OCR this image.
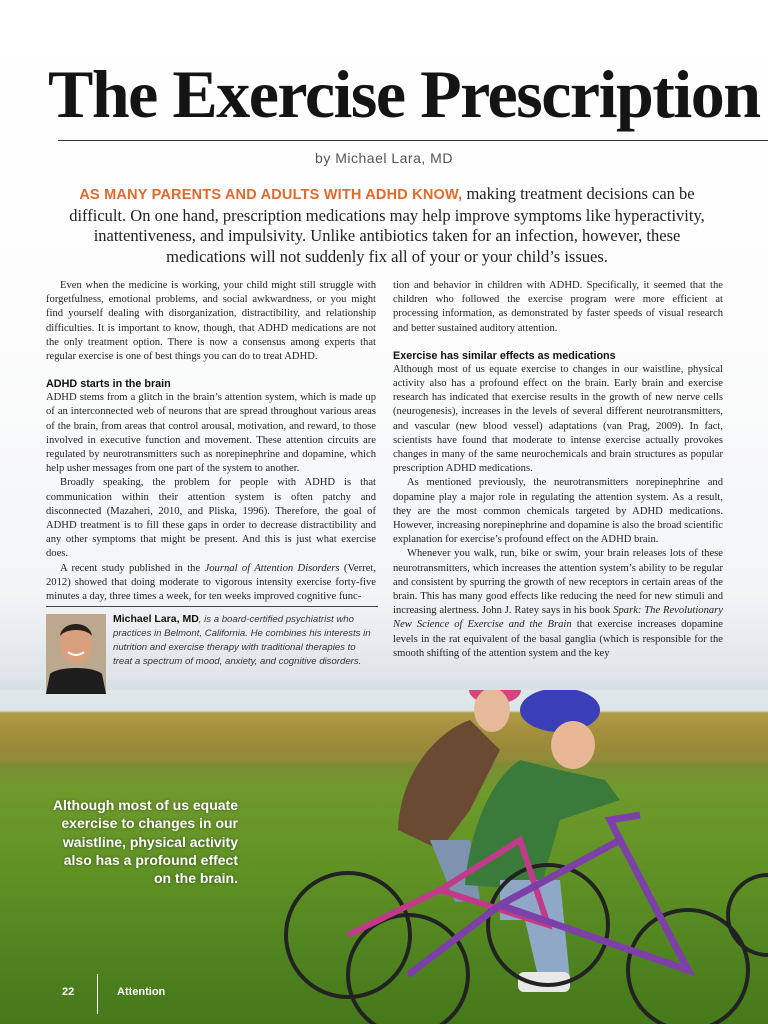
The Exercise Prescription
by Michael Lara, MD
AS MANY PARENTS AND ADULTS WITH ADHD KNOW, making treatment decisions can be difficult. On one hand, prescription medications may help improve symptoms like hyperactivity, inattentiveness, and impulsivity. Unlike antibiotics taken for an infection, however, these medications will not suddenly fix all of your or your child’s issues.

Even when the medicine is working, your child might still struggle with forgetfulness, emotional problems, and social awkwardness, or you might find yourself dealing with disorganization, distractibility, and relationship difficulties. It is important to know, though, that ADHD medications are not the only treatment option. There is now a consensus among experts that regular exercise is one of best things you can do to treat ADHD.

ADHD starts in the brain

ADHD stems from a glitch in the brain’s attention system, which is made up of an interconnected web of neurons that are spread throughout various areas of the brain, from areas that control arousal, motivation, and reward, to those involved in executive function and movement. These attention circuits are regulated by neurotransmitters such as norepinephrine and dopamine, which help usher messages from one part of the system to another.

Broadly speaking, the problem for people with ADHD is that communication within their attention system is often patchy and disconnected (Mazaheri, 2010, and Pliska, 1996). Therefore, the goal of ADHD treatment is to fill these gaps in order to decrease distractibility and any other symptoms that might be present. And this is just what exercise does.

A recent study published in the Journal of Attention Disorders (Verret, 2012) showed that doing moderate to vigorous intensity exercise forty-five minutes a day, three times a week, for ten weeks improved cognitive func-

tion and behavior in children with ADHD. Specifically, it seemed that the children who followed the exercise program were more efficient at processing information, as demonstrated by faster speeds of visual research and better sustained auditory attention.

Exercise has similar effects as medications

Although most of us equate exercise to changes in our waistline, physical activity also has a profound effect on the brain. Early brain and exercise research has indicated that exercise results in the growth of new nerve cells (neurogenesis), increases in the levels of several different neurotransmitters, and vascular (new blood vessel) adaptations (van Prag, 2009). In fact, scientists have found that moderate to intense exercise actually provokes changes in many of the same neurochemicals and brain structures as popular prescription ADHD medications.

As mentioned previously, the neurotransmitters norepinephrine and dopamine play a major role in regulating the attention system. As a result, they are the most common chemicals targeted by ADHD medications. However, increasing norepinephrine and dopamine is also the broad scientific explanation for exercise’s profound effect on the ADHD brain.

Whenever you walk, run, bike or swim, your brain releases lots of these neurotransmitters, which increases the attention system’s ability to be regular and consistent by spurring the growth of new receptors in certain areas of the brain. This has many good effects like reducing the need for new stimuli and increasing alertness. John J. Ratey says in his book Spark: The Revolutionary New Science of Exercise and the Brain that exercise increases dopamine levels in the rat equivalent of the basal ganglia (which is responsible for the smooth shifting of the attention system and the key

Michael Lara, MD, is a board-certified psychiatrist who practices in Belmont, California. He combines his interests in nutrition and exercise therapy with traditional therapies to treat a spectrum of mood, anxiety, and cognitive disorders.
Although most of us equate exercise to changes in our waistline, physical activity also has a profound effect on the brain.
22	Attention
